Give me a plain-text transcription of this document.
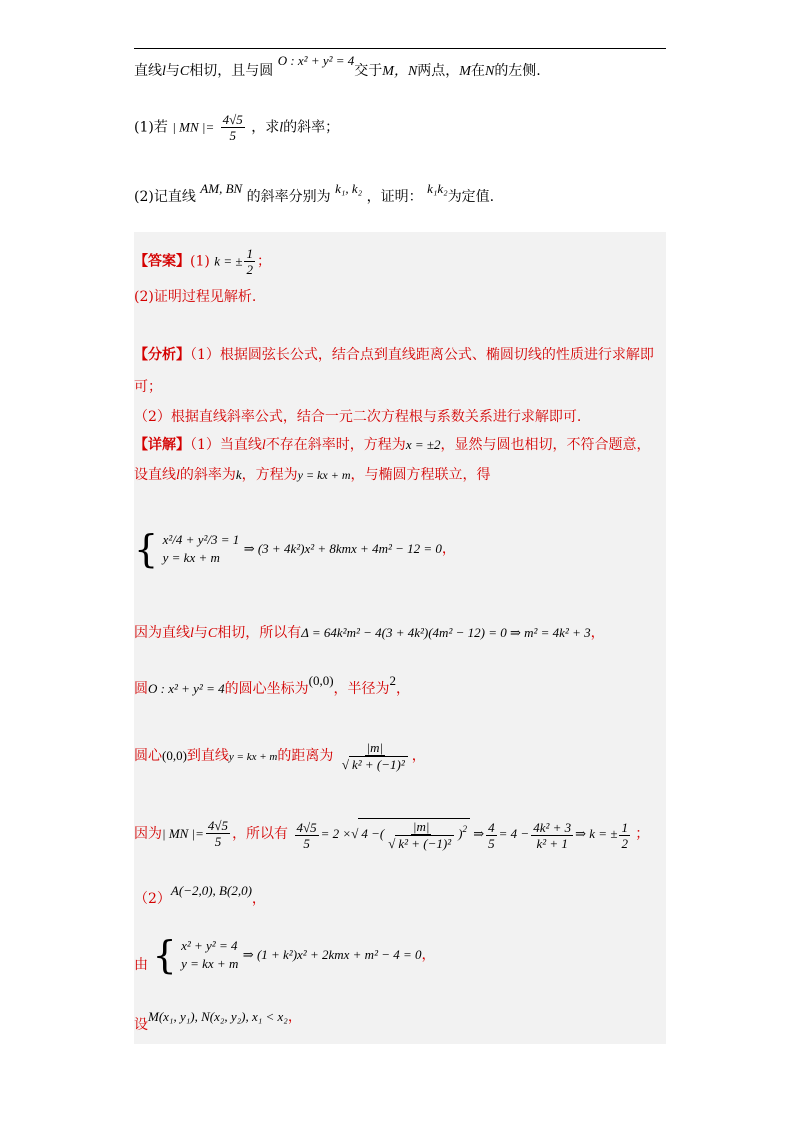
直线l与C相切，且与圆 O : x² + y² = 4交于M，N两点，M在N的左侧.
(1)若 | MN |= $\frac{4√5}{5}$ ，求l的斜率；
(2)记直线 AM, BN 的斜率分别为 k₁, k₂ ，证明： k₁k₂为定值.
【答案】(1) k = ± $\frac{1}{2}$ ；
(2)证明过程见解析.
【分析】（1）根据圆弦长公式，结合点到直线距离公式、椭圆切线的性质进行求解即
可；
（2）根据直线斜率公式，结合一元二次方程根与系数关系进行求解即可.
【详解】（1）当直线l不存在斜率时，方程为x = ±2，显然与圆也相切，不符合题意，
设直线l的斜率为k，方程为y = kx + m，与椭圆方程联立，得
{ x²/4 + y²/3 = 1
y = kx + m
⇒ (3 + 4k²)x² + 8kmx + 4m² − 12 = 0，
因为直线l与C相切，所以有Δ = 64k²m² − 4(3 + 4k²)(4m² − 12) = 0 ⇒ m² = 4k² + 3，
圆O : x² + y² = 4的圆心坐标为(0,0)，半径为2，
圆心(0,0)到直线y = kx + m的距离为 $\frac{|m|}{\text{√ k² + (−1)²}}$ ，
因为| MN |= $\frac{4√5}{5}$ ，所以有 $\frac{4√5}{5} = 2$ ×√ 4 −( $\frac{|m|}{\text{√ k² + (−1)²}} )^2$ ⇒ $\frac{4}{5} = 4 - \frac{\text{4k² + 3}}{\text{k² + 1}}$ ⇒ k = ± $\frac{1}{2}$ ；
（2）A(−2,0), B(2,0)，
由 { x² + y² = 4
y = kx + m
⇒ (1 + k²)x² + 2kmx + m² − 4 = 0，
设M(x₁, y₁), N(x₂, y₂), x₁ < x₂，
